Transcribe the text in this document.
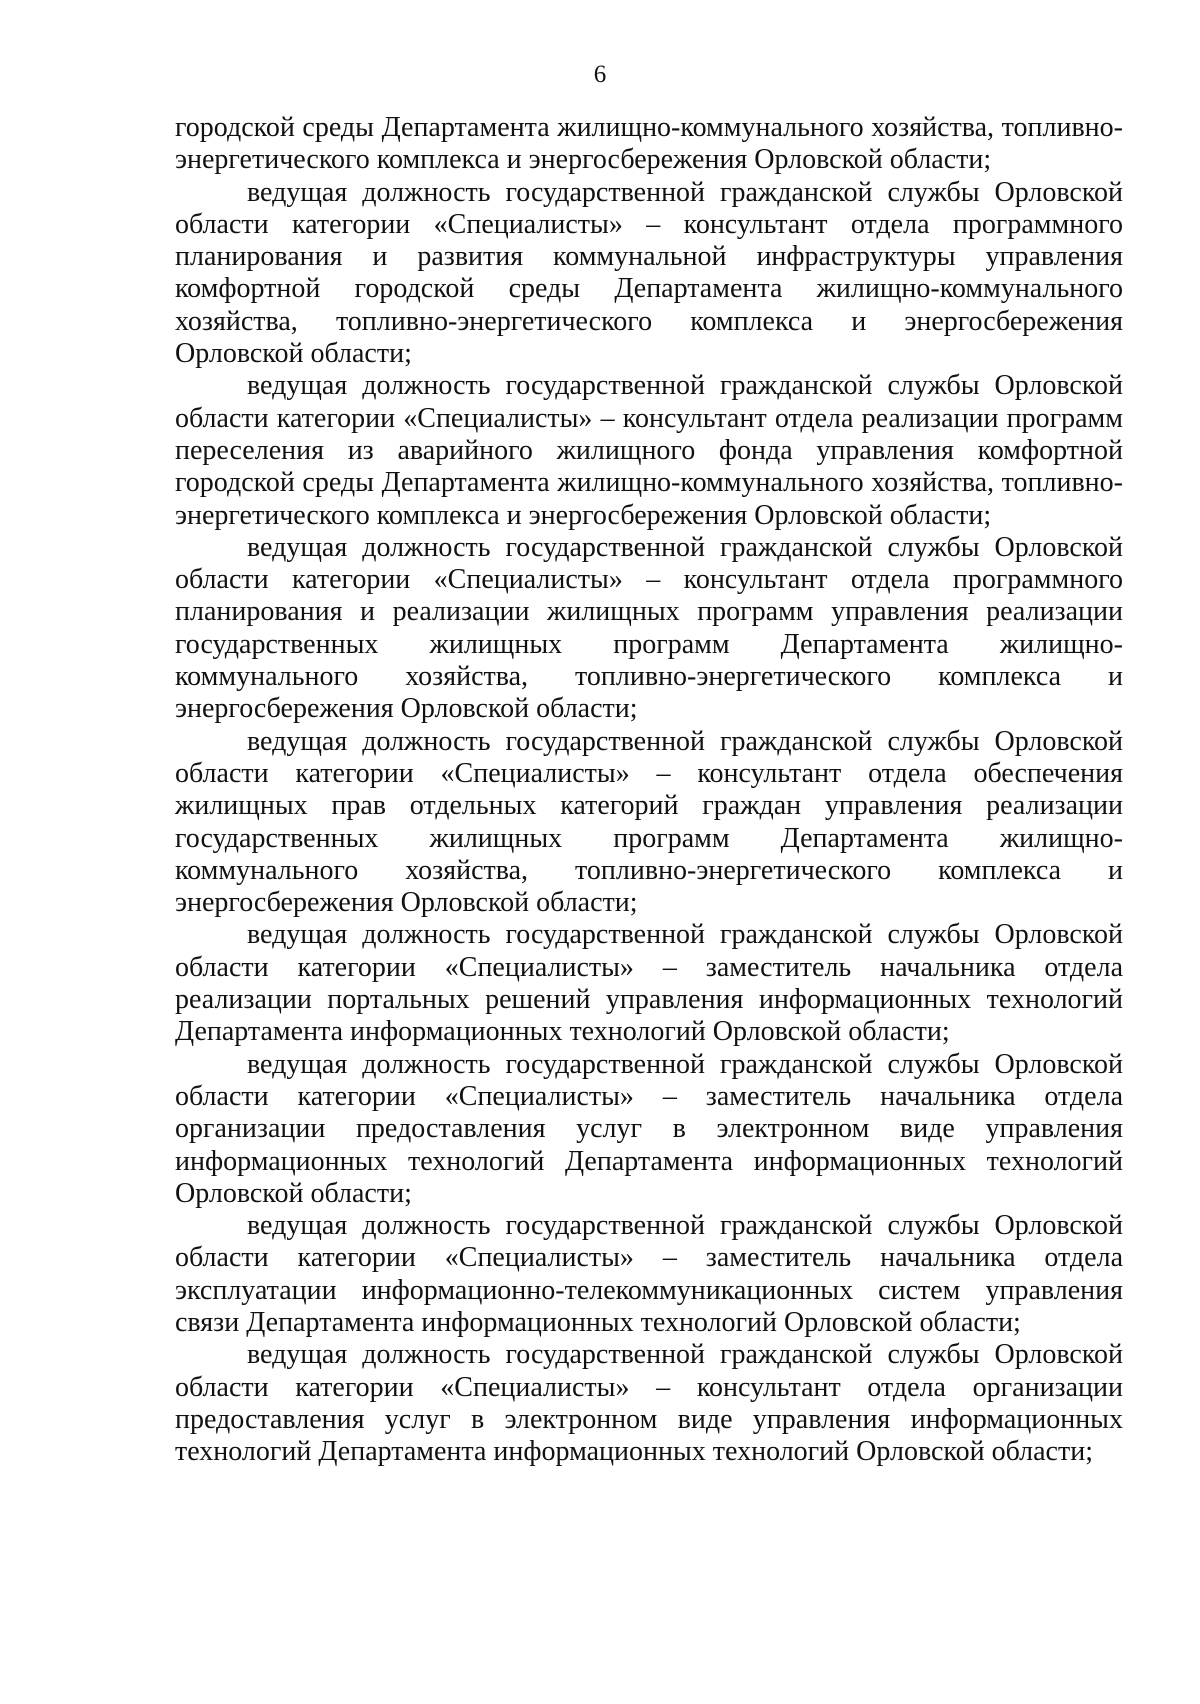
6

городской среды Департамента жилищно-коммунального хозяйства, топливно-энергетического комплекса и энергосбережения Орловской области;

ведущая должность государственной гражданской службы Орловской области категории «Специалисты» – консультант отдела программного планирования и развития коммунальной инфраструктуры управления комфортной городской среды Департамента жилищно-коммунального хозяйства, топливно-энергетического комплекса и энергосбережения Орловской области;

ведущая должность государственной гражданской службы Орловской области категории «Специалисты» – консультант отдела реализации программ переселения из аварийного жилищного фонда управления комфортной городской среды Департамента жилищно-коммунального хозяйства, топливно-энергетического комплекса и энергосбережения Орловской области;

ведущая должность государственной гражданской службы Орловской области категории «Специалисты» – консультант отдела программного планирования и реализации жилищных программ управления реализации государственных жилищных программ Департамента жилищно-коммунального хозяйства, топливно-энергетического комплекса и энергосбережения Орловской области;

ведущая должность государственной гражданской службы Орловской области категории «Специалисты» – консультант отдела обеспечения жилищных прав отдельных категорий граждан управления реализации государственных жилищных программ Департамента жилищно-коммунального хозяйства, топливно-энергетического комплекса и энергосбережения Орловской области;

ведущая должность государственной гражданской службы Орловской области категории «Специалисты» – заместитель начальника отдела реализации портальных решений управления информационных технологий Департамента информационных технологий Орловской области;

ведущая должность государственной гражданской службы Орловской области категории «Специалисты» – заместитель начальника отдела организации предоставления услуг в электронном виде управления информационных технологий Департамента информационных технологий Орловской области;

ведущая должность государственной гражданской службы Орловской области категории «Специалисты» – заместитель начальника отдела эксплуатации информационно-телекоммуникационных систем управления связи Департамента информационных технологий Орловской области;

ведущая должность государственной гражданской службы Орловской области категории «Специалисты» – консультант отдела организации предоставления услуг в электронном виде управления информационных технологий Департамента информационных технологий Орловской области;
